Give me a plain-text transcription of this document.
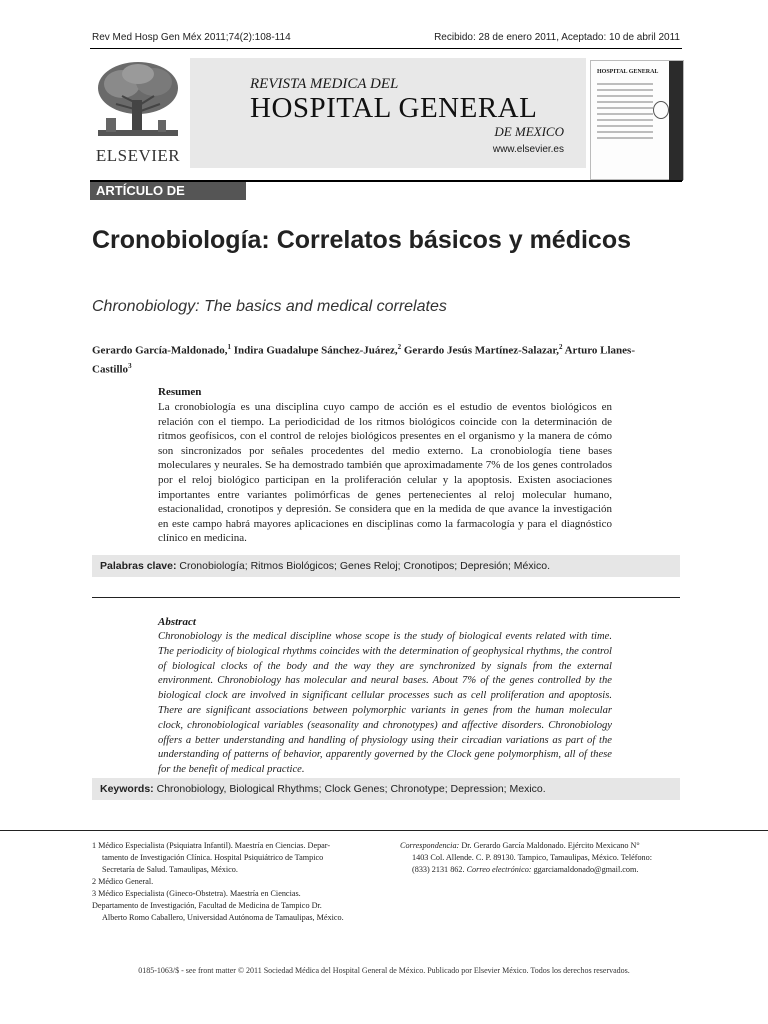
Rev Med Hosp Gen Méx 2011;74(2):108-114	Recibido: 28 de enero 2011, Aceptado: 10 de abril 2011
ELSEVIER
REVISTA MEDICA DEL
HOSPITAL GENERAL
DE MEXICO
www.elsevier.es
HOSPITAL GENERAL
ARTÍCULO DE REVISIÓN
Cronobiología: Correlatos básicos y médicos
Chronobiology: The basics and medical correlates
Gerardo García-Maldonado,$^1$ Indira Guadalupe Sánchez-Juárez,$^2$ Gerardo Jesús Martínez-Salazar,$^2$ Arturo Llanes-Castillo$^3$
Resumen

La cronobiología es una disciplina cuyo campo de acción es el estudio de eventos biológicos en relación con el tiempo. La periodicidad de los ritmos biológicos coincide con la determinación de ritmos geofísicos, con el control de relojes biológicos presentes en el organismo y la manera de cómo son sincronizados por señales procedentes del medio externo. La cronobiología tiene bases moleculares y neurales. Se ha demostrado también que aproximadamente 7% de los genes controlados por el reloj biológico participan en la proliferación celular y la apoptosis. Existen asociaciones importantes entre variantes polimórficas de genes pertenecientes al reloj molecular humano, estacionalidad, cronotipos y depresión. Se considera que en la medida de que avance la investigación en este campo habrá mayores aplicaciones en disciplinas como la farmacología y para el diagnóstico clínico en medicina.

Palabras clave: Cronobiología; Ritmos Biológicos; Genes Reloj; Cronotipos; Depresión; México.
Abstract

Chronobiology is the medical discipline whose scope is the study of biological events related with time. The periodicity of biological rhythms coincides with the determination of geophysical rhythms, the control of biological clocks of the body and the way they are synchronized by signals from the external environment. Chronobiology has molecular and neural bases. About 7% of the genes controlled by the biological clock are involved in significant cellular processes such as cell proliferation and apoptosis. There are significant associations between polymorphic variants in genes from the human molecular clock, chronobiological variables (seasonality and chronotypes) and affective disorders. Chronobiology offers a better understanding and handling of physiology using their circadian variations as part of the understanding of patterns of behavior, apparently governed by the Clock gene polymorphism, all of these for the benefit of medical practice.

Keywords: Chronobiology, Biological Rhythms; Clock Genes; Chronotype; Depression; Mexico.
1 Médico Especialista (Psiquiatra Infantil). Maestría en Ciencias. Depar-
tamento de Investigación Clínica. Hospital Psiquiátrico de Tampico
Secretaría de Salud. Tamaulipas, México.
2 Médico General.
3 Médico Especialista (Gineco-Obstetra). Maestría en Ciencias.
Departamento de Investigación, Facultad de Medicina de Tampico Dr.
Alberto Romo Caballero, Universidad Autónoma de Tamaulipas, México.
Correspondencia: Dr. Gerardo García Maldonado. Ejército Mexicano N°
1403 Col. Allende. C. P. 89130. Tampico, Tamaulipas, México. Teléfono:
(833) 2131 862. Correo electrónico: ggarciamaldonado@gmail.com.
0185-1063/$ - see front matter © 2011 Sociedad Médica del Hospital General de México. Publicado por Elsevier México. Todos los derechos reservados.
